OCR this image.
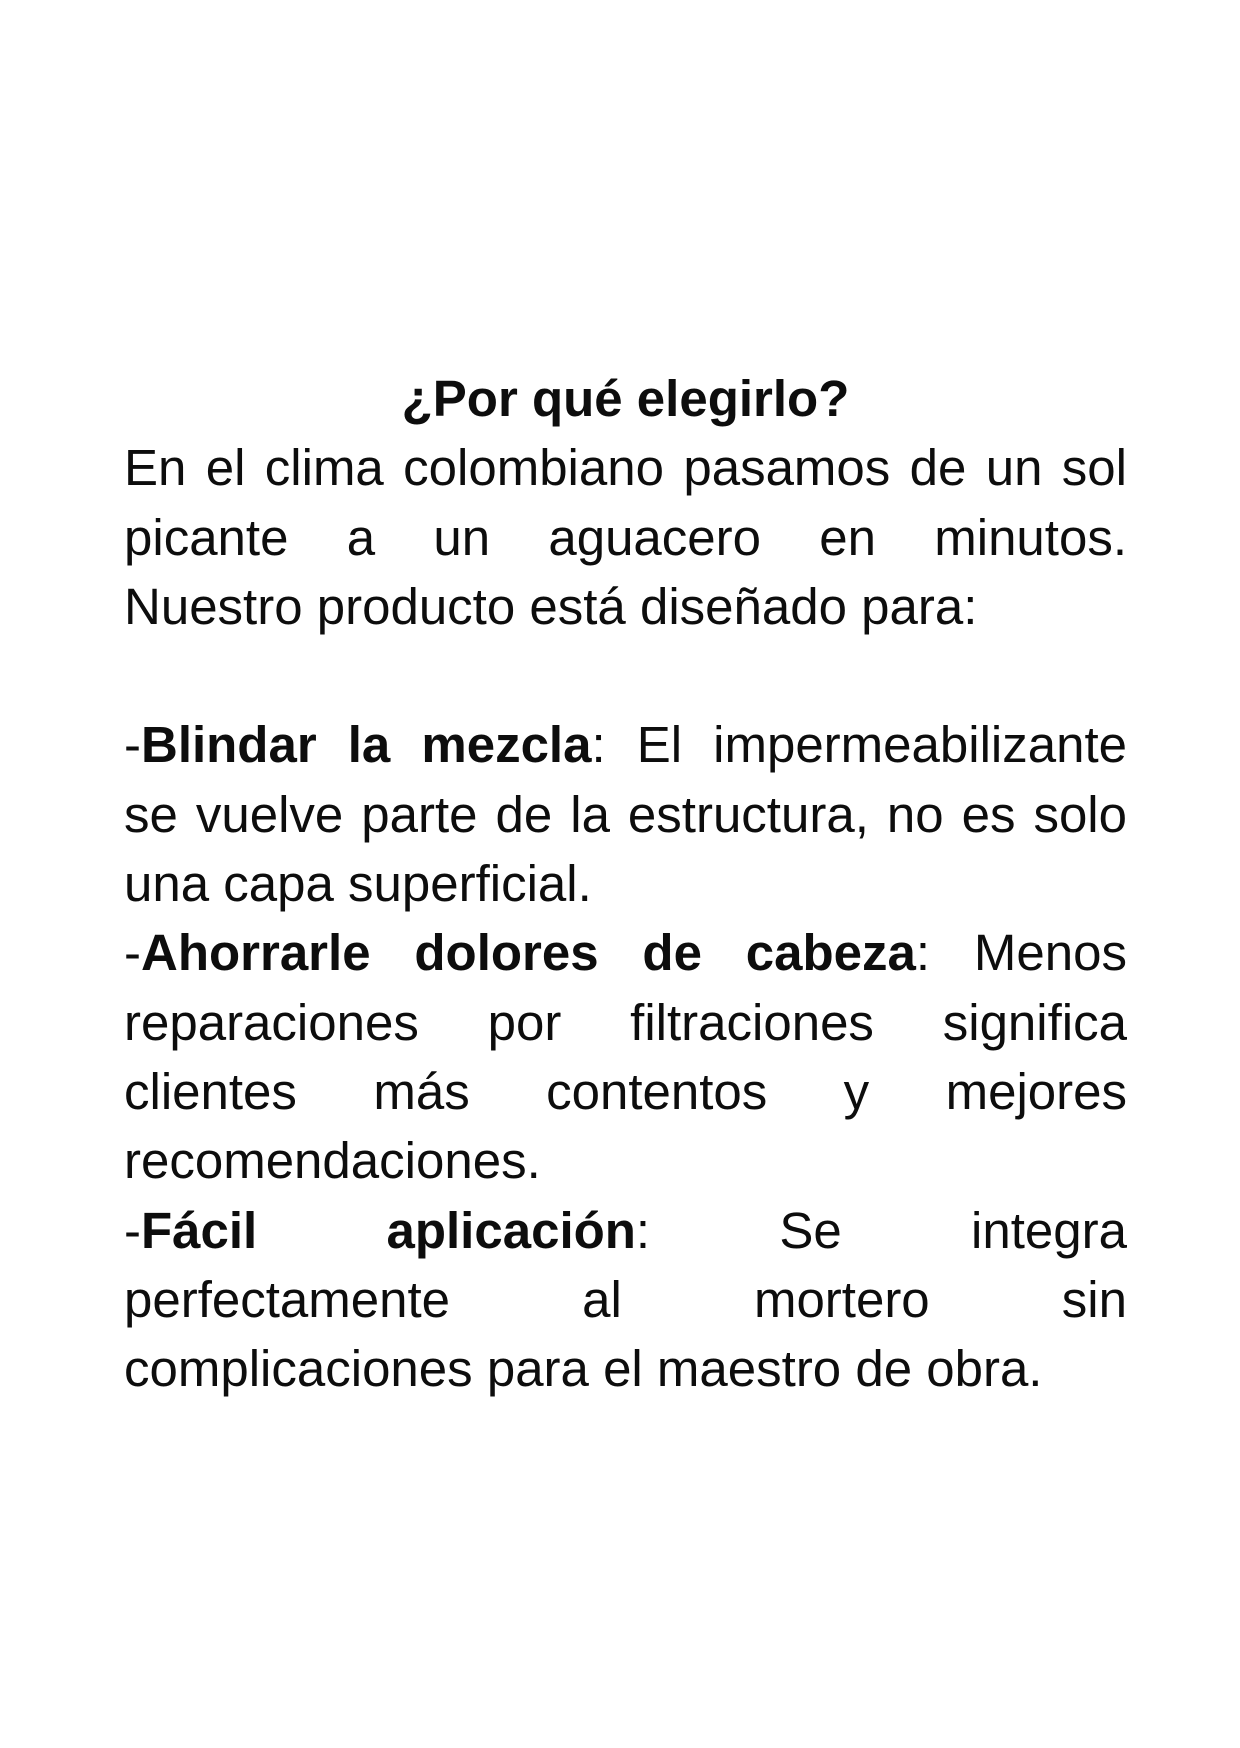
¿Por qué elegirlo?
En el clima colombiano pasamos de un sol
picante a un aguacero en minutos.
Nuestro producto está diseñado para:
-Blindar la mezcla: El impermeabilizante
se vuelve parte de la estructura, no es solo
una capa superficial.
-Ahorrarle dolores de cabeza: Menos
reparaciones por filtraciones significa
clientes más contentos y mejores
recomendaciones.
-Fácil aplicación: Se integra
perfectamente al mortero sin
complicaciones para el maestro de obra.
